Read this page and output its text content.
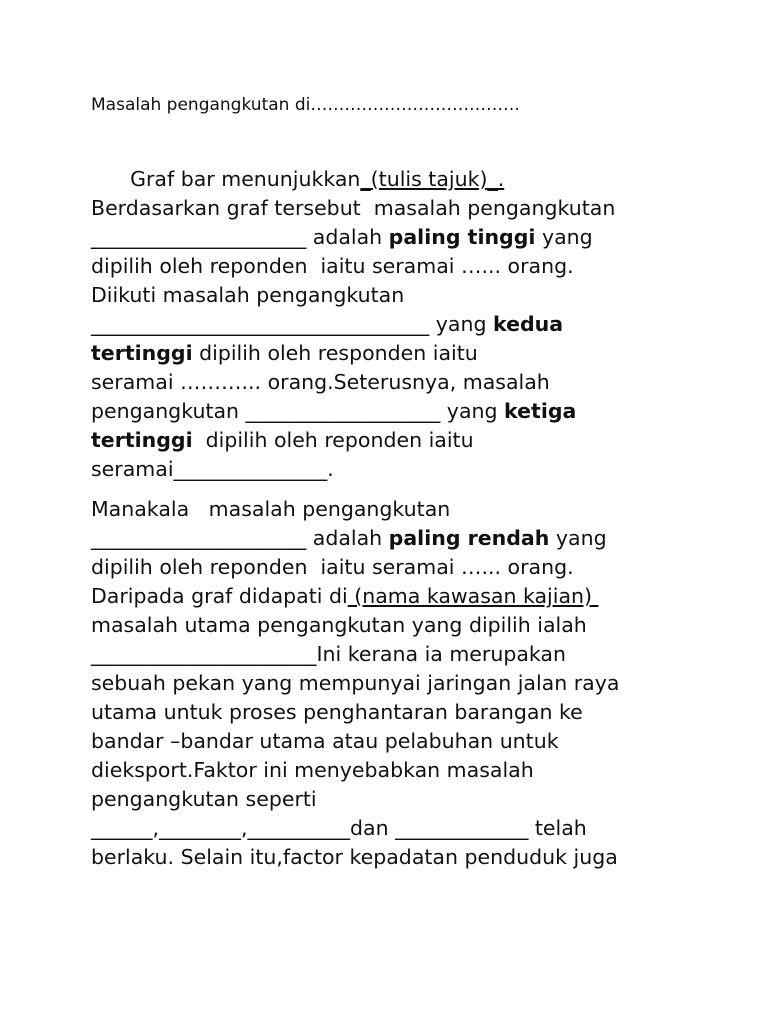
Masalah pengangkutan di……………………………….
Graf bar menunjukkan_(tulis tajuk)_.
Berdasarkan graf tersebut  masalah pengangkutan
_____________________ adalah paling tinggi yang
dipilih oleh reponden  iaitu seramai …... orang.
Diikuti masalah pengangkutan
_________________________________ yang kedua
tertinggi dipilih oleh responden iaitu
seramai ………... orang.Seterusnya, masalah
pengangkutan ___________________ yang ketiga
tertinggi  dipilih oleh reponden iaitu
seramai_______________.
Manakala   masalah pengangkutan
_____________________ adalah paling rendah yang
dipilih oleh reponden  iaitu seramai …... orang.
Daripada graf didapati di (nama kawasan kajian)
masalah utama pengangkutan yang dipilih ialah
______________________Ini kerana ia merupakan
sebuah pekan yang mempunyai jaringan jalan raya
utama untuk proses penghantaran barangan ke
bandar –bandar utama atau pelabuhan untuk
dieksport.Faktor ini menyebabkan masalah
pengangkutan seperti
______,________,__________dan _____________ telah
berlaku. Selain itu,factor kepadatan penduduk juga
